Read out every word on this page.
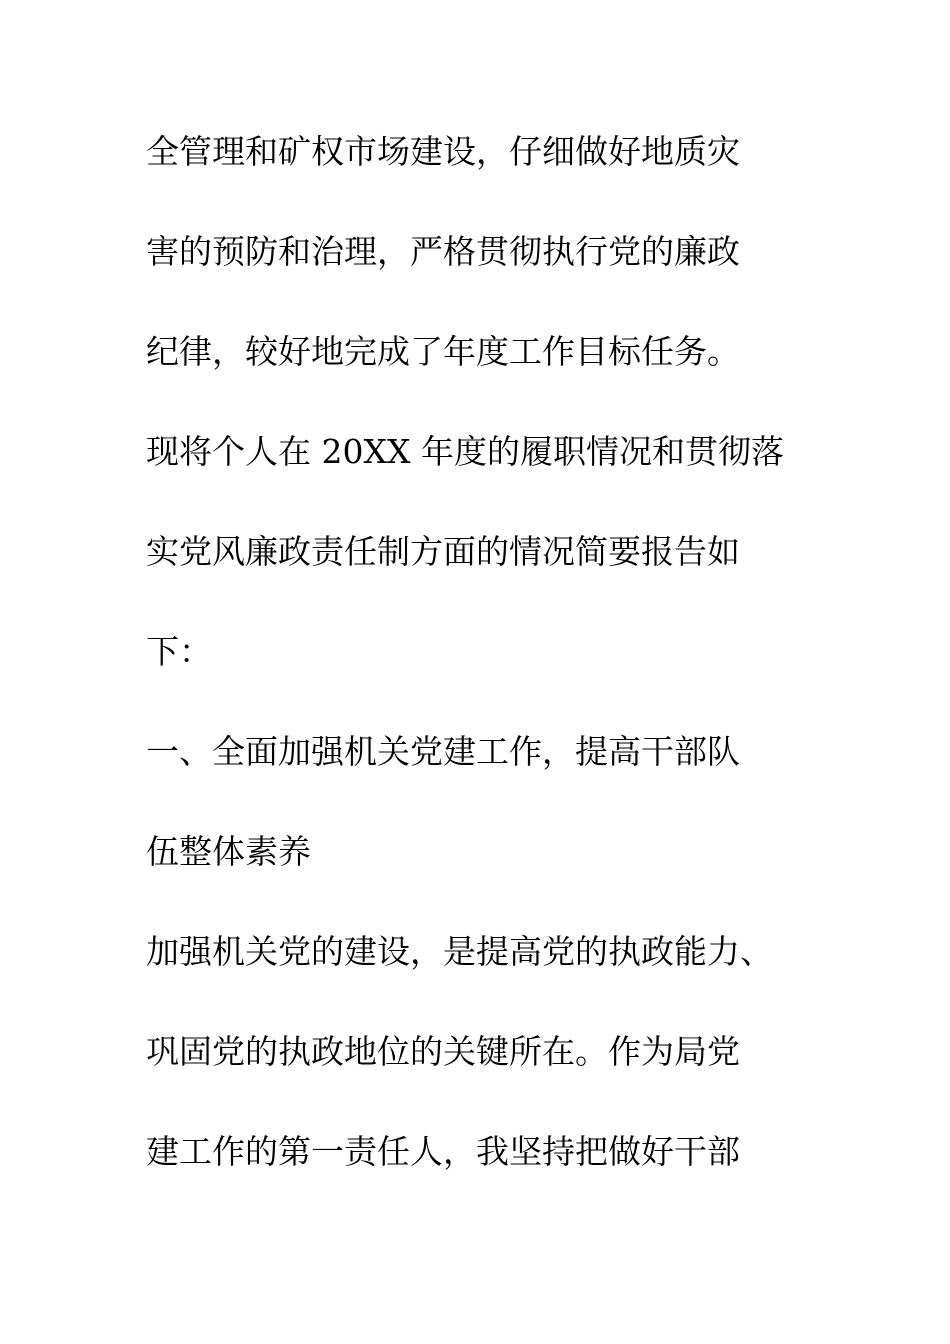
全管理和矿权市场建设，仔细做好地质灾
害的预防和治理，严格贯彻执行党的廉政
纪律，较好地完成了年度工作目标任务。
现将个人在 20XX 年度的履职情况和贯彻落
实党风廉政责任制方面的情况简要报告如
下：
一、全面加强机关党建工作，提高干部队
伍整体素养
加强机关党的建设，是提高党的执政能力、
巩固党的执政地位的关键所在。作为局党
建工作的第一责任人，我坚持把做好干部
